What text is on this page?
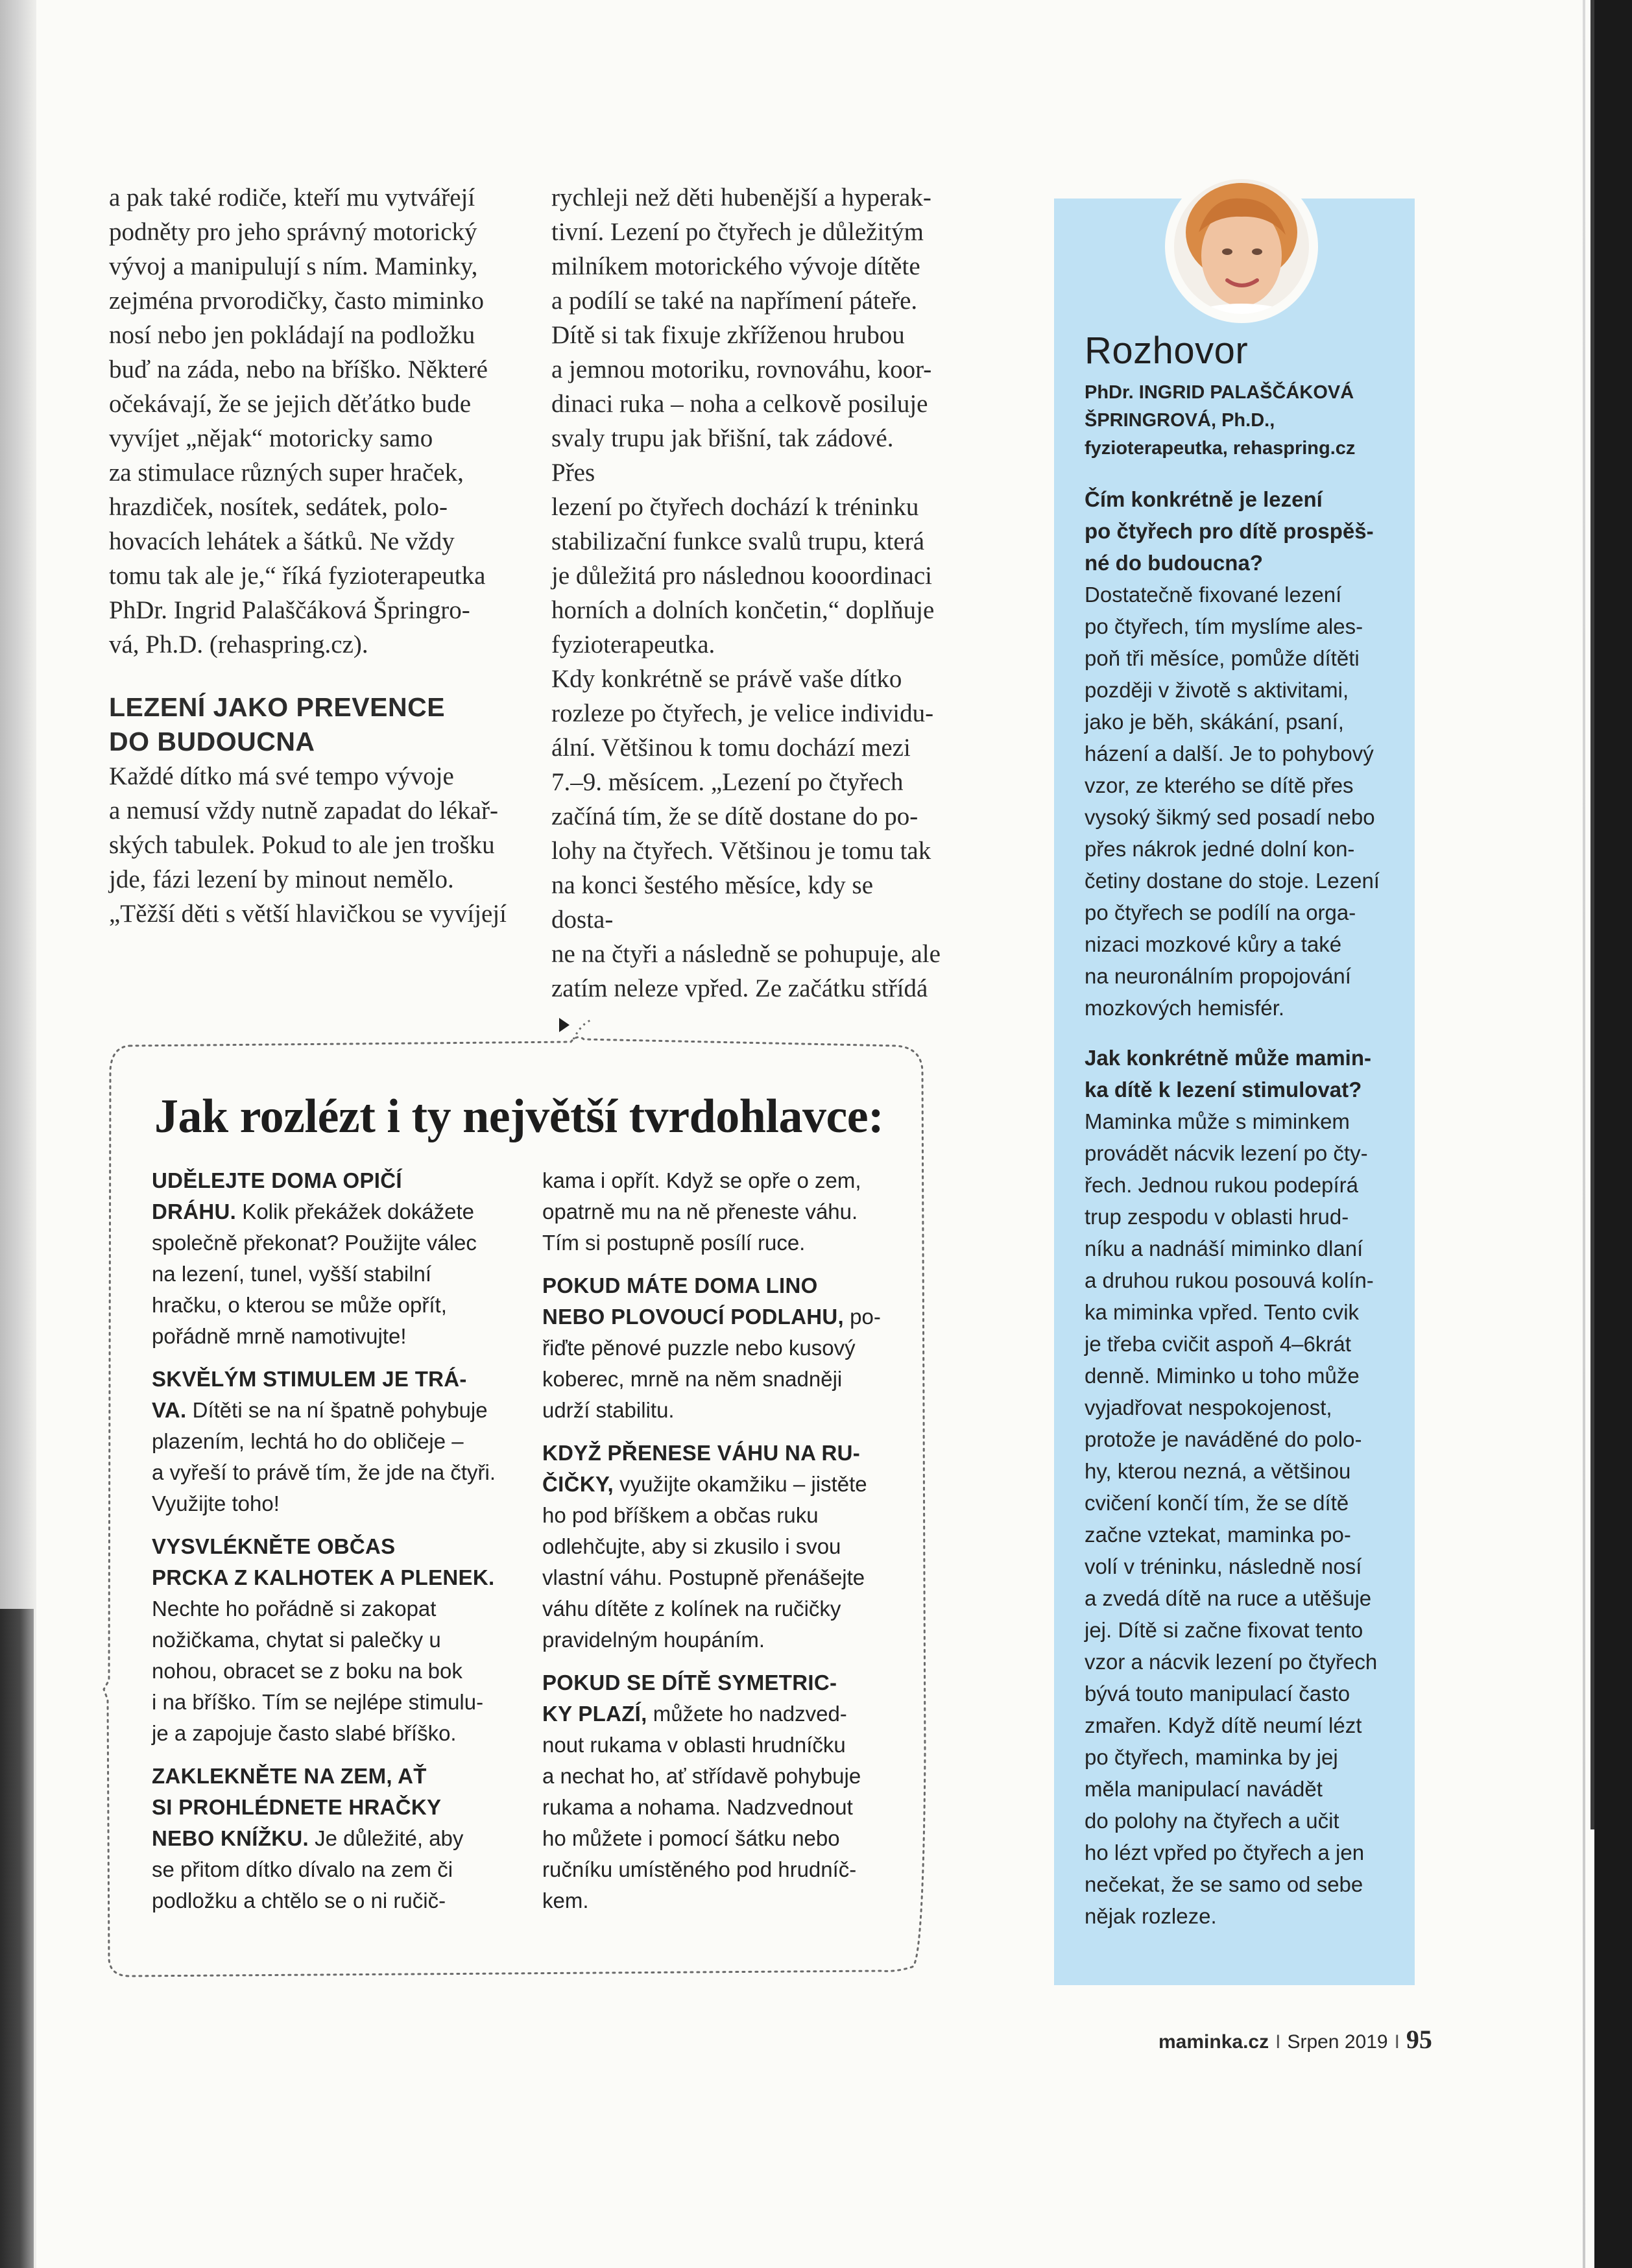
a pak také rodiče, kteří mu vytvářejí
podněty pro jeho správný motorický
vývoj a manipulují s ním. Maminky,
zejména prvorodičky, často miminko
nosí nebo jen pokládají na podložku
buď na záda, nebo na bříško. Některé
očekávají, že se jejich děťátko bude
vyvíjet „nějak“ motoricky samo
za stimulace různých super hraček,
hrazdiček, nosítek, sedátek, polo-
hovacích lehátek a šátků. Ne vždy
tomu tak ale je,“ říká fyzioterapeutka
PhDr. Ingrid Palaščáková Špringro-
vá, Ph.D. (rehaspring.cz).

LEZENÍ JAKO PREVENCE
DO BUDOUCNA

Každé dítko má své tempo vývoje
a nemusí vždy nutně zapadat do lékař-
ských tabulek. Pokud to ale jen trošku
jde, fázi lezení by minout nemělo.
„Těžší děti s větší hlavičkou se vyvíjejí

rychleji než děti hubenější a hyperak-
tivní. Lezení po čtyřech je důležitým
milníkem motorického vývoje dítěte
a podílí se také na napřímení páteře.
Dítě si tak fixuje zkříženou hrubou
a jemnou motoriku, rovnováhu, koor-
dinaci ruka – noha a celkově posiluje
svaly trupu jak břišní, tak zádové. Přes
lezení po čtyřech dochází k tréninku
stabilizační funkce svalů trupu, která
je důležitá pro následnou kooordinaci
horních a dolních končetin,“ doplňuje
fyzioterapeutka.

Kdy konkrétně se právě vaše dítko
rozleze po čtyřech, je velice individu-
ální. Většinou k tomu dochází mezi
7.–9. měsícem. „Lezení po čtyřech
začíná tím, že se dítě dostane do po-
lohy na čtyřech. Většinou je tomu tak
na konci šestého měsíce, kdy se dosta-
ne na čtyři a následně se pohupuje, ale
zatím neleze vpřed. Ze začátku střídá

Rozhovor

PhDr. INGRID PALAŠČÁKOVÁ
ŠPRINGROVÁ, Ph.D.,
fyzioterapeutka, rehaspring.cz

Čím konkrétně je lezení
po čtyřech pro dítě prospěš-
né do budoucna?

Dostatečně fixované lezení
po čtyřech, tím myslíme ales-
poň tři měsíce, pomůže dítěti
později v životě s aktivitami,
jako je běh, skákání, psaní,
házení a další. Je to pohybový
vzor, ze kterého se dítě přes
vysoký šikmý sed posadí nebo
přes nákrok jedné dolní kon-
četiny dostane do stoje. Lezení
po čtyřech se podílí na orga-
nizaci mozkové kůry a také
na neuronálním propojování
mozkových hemisfér.

Jak konkrétně může mamin-
ka dítě k lezení stimulovat?

Maminka může s miminkem
provádět nácvik lezení po čty-
řech. Jednou rukou podepírá
trup zespodu v oblasti hrud-
níku a nadnáší miminko dlaní
a druhou rukou posouvá kolín-
ka miminka vpřed. Tento cvik
je třeba cvičit aspoň 4–6krát
denně. Miminko u toho může
vyjadřovat nespokojenost,
protože je naváděné do polo-
hy, kterou nezná, a většinou
cvičení končí tím, že se dítě
začne vztekat, maminka po-
volí v tréninku, následně nosí
a zvedá dítě na ruce a utěšuje
jej. Dítě si začne fixovat tento
vzor a nácvik lezení po čtyřech
bývá touto manipulací často
zmařen. Když dítě neumí lézt
po čtyřech, maminka by jej
měla manipulací navádět
do polohy na čtyřech a učit
ho lézt vpřed po čtyřech a jen
nečekat, že se samo od sebe
nějak rozleze.

Jak rozlézt i ty největší tvrdohlavce:

UDĚLEJTE DOMA OPIČÍ
DRÁHU. Kolik překážek dokážete
společně překonat? Použijte válec
na lezení, tunel, vyšší stabilní
hračku, o kterou se může opřít,
pořádně mrně namotivujte!

SKVĚLÝM STIMULEM JE TRÁ-
VA. Dítěti se na ní špatně pohybuje
plazením, lechtá ho do obličeje –
a vyřeší to právě tím, že jde na čtyři.
Využijte toho!

VYSVLÉKNĚTE OBČAS
PRCKA Z KALHOTEK A PLENEK.
Nechte ho pořádně si zakopat
nožičkama, chytat si palečky u
nohou, obracet se z boku na bok
i na bříško. Tím se nejlépe stimulu-
je a zapojuje často slabé bříško.

ZAKLEKNĚTE NA ZEM, AŤ
SI PROHLÉDNETE HRAČKY
NEBO KNÍŽKU. Je důležité, aby
se přitom dítko dívalo na zem či
podložku a chtělo se o ni ručič-

kama i opřít. Když se opře o zem,
opatrně mu na ně přeneste váhu.
Tím si postupně posílí ruce.

POKUD MÁTE DOMA LINO
NEBO PLOVOUCÍ PODLAHU, po-
řiďte pěnové puzzle nebo kusový
koberec, mrně na něm snadněji
udrží stabilitu.

KDYŽ PŘENESE VÁHU NA RU-
ČIČKY, využijte okamžiku – jistěte
ho pod bříškem a občas ruku
odlehčujte, aby si zkusilo i svou
vlastní váhu. Postupně přenášejte
váhu dítěte z kolínek na ručičky
pravidelným houpáním.

POKUD SE DÍTĚ SYMETRIC-
KY PLAZÍ, můžete ho nadzved-
nout rukama v oblasti hrudníčku
a nechat ho, ať střídavě pohybuje
rukama a nohama. Nadzvednout
ho můžete i pomocí šátku nebo
ručníku umístěného pod hrudníč-
kem.

maminka.cz I Srpen 2019 I 95
